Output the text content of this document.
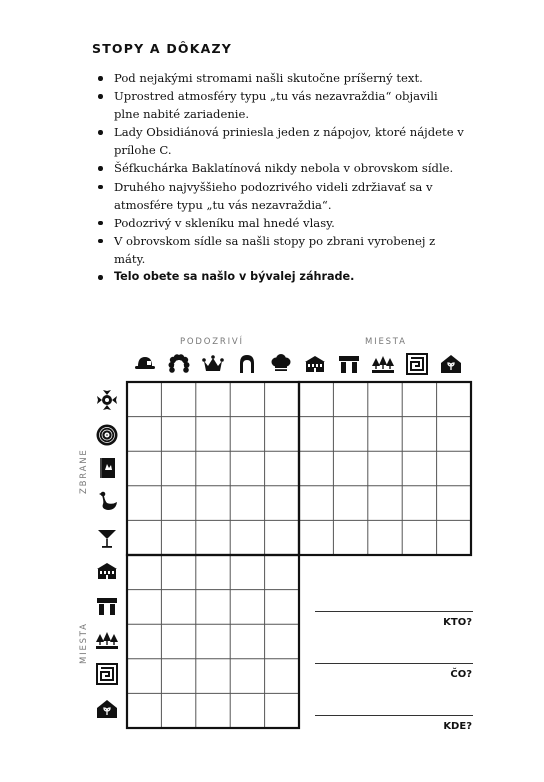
STOPY A DÔKAZY
Pod nejakými stromami našli skutočne príšerný text.
Uprostred atmosféry typu „tu vás nezavraždia“ objavili plne nabité zariadenie.
Lady Obsidiánová priniesla jeden z nápojov, ktoré nájdete v prílohe C.
Šéfkuchárka Baklatínová nikdy nebola v obrovskom sídle.
Druhého najvyššieho podozrivého videli zdržiavať sa v atmosfére typu „tu vás nezavraždia“.
Podozrivý v skleníku mal hnedé vlasy.
V obrovskom sídle sa našli stopy po zbrani vyrobenej z máty.
Telo obete sa našlo v bývalej záhrade.
PODOZRIVÍ	MIESTA
ZBRANE
MIESTA	KTO?
ČO?
KDE?
